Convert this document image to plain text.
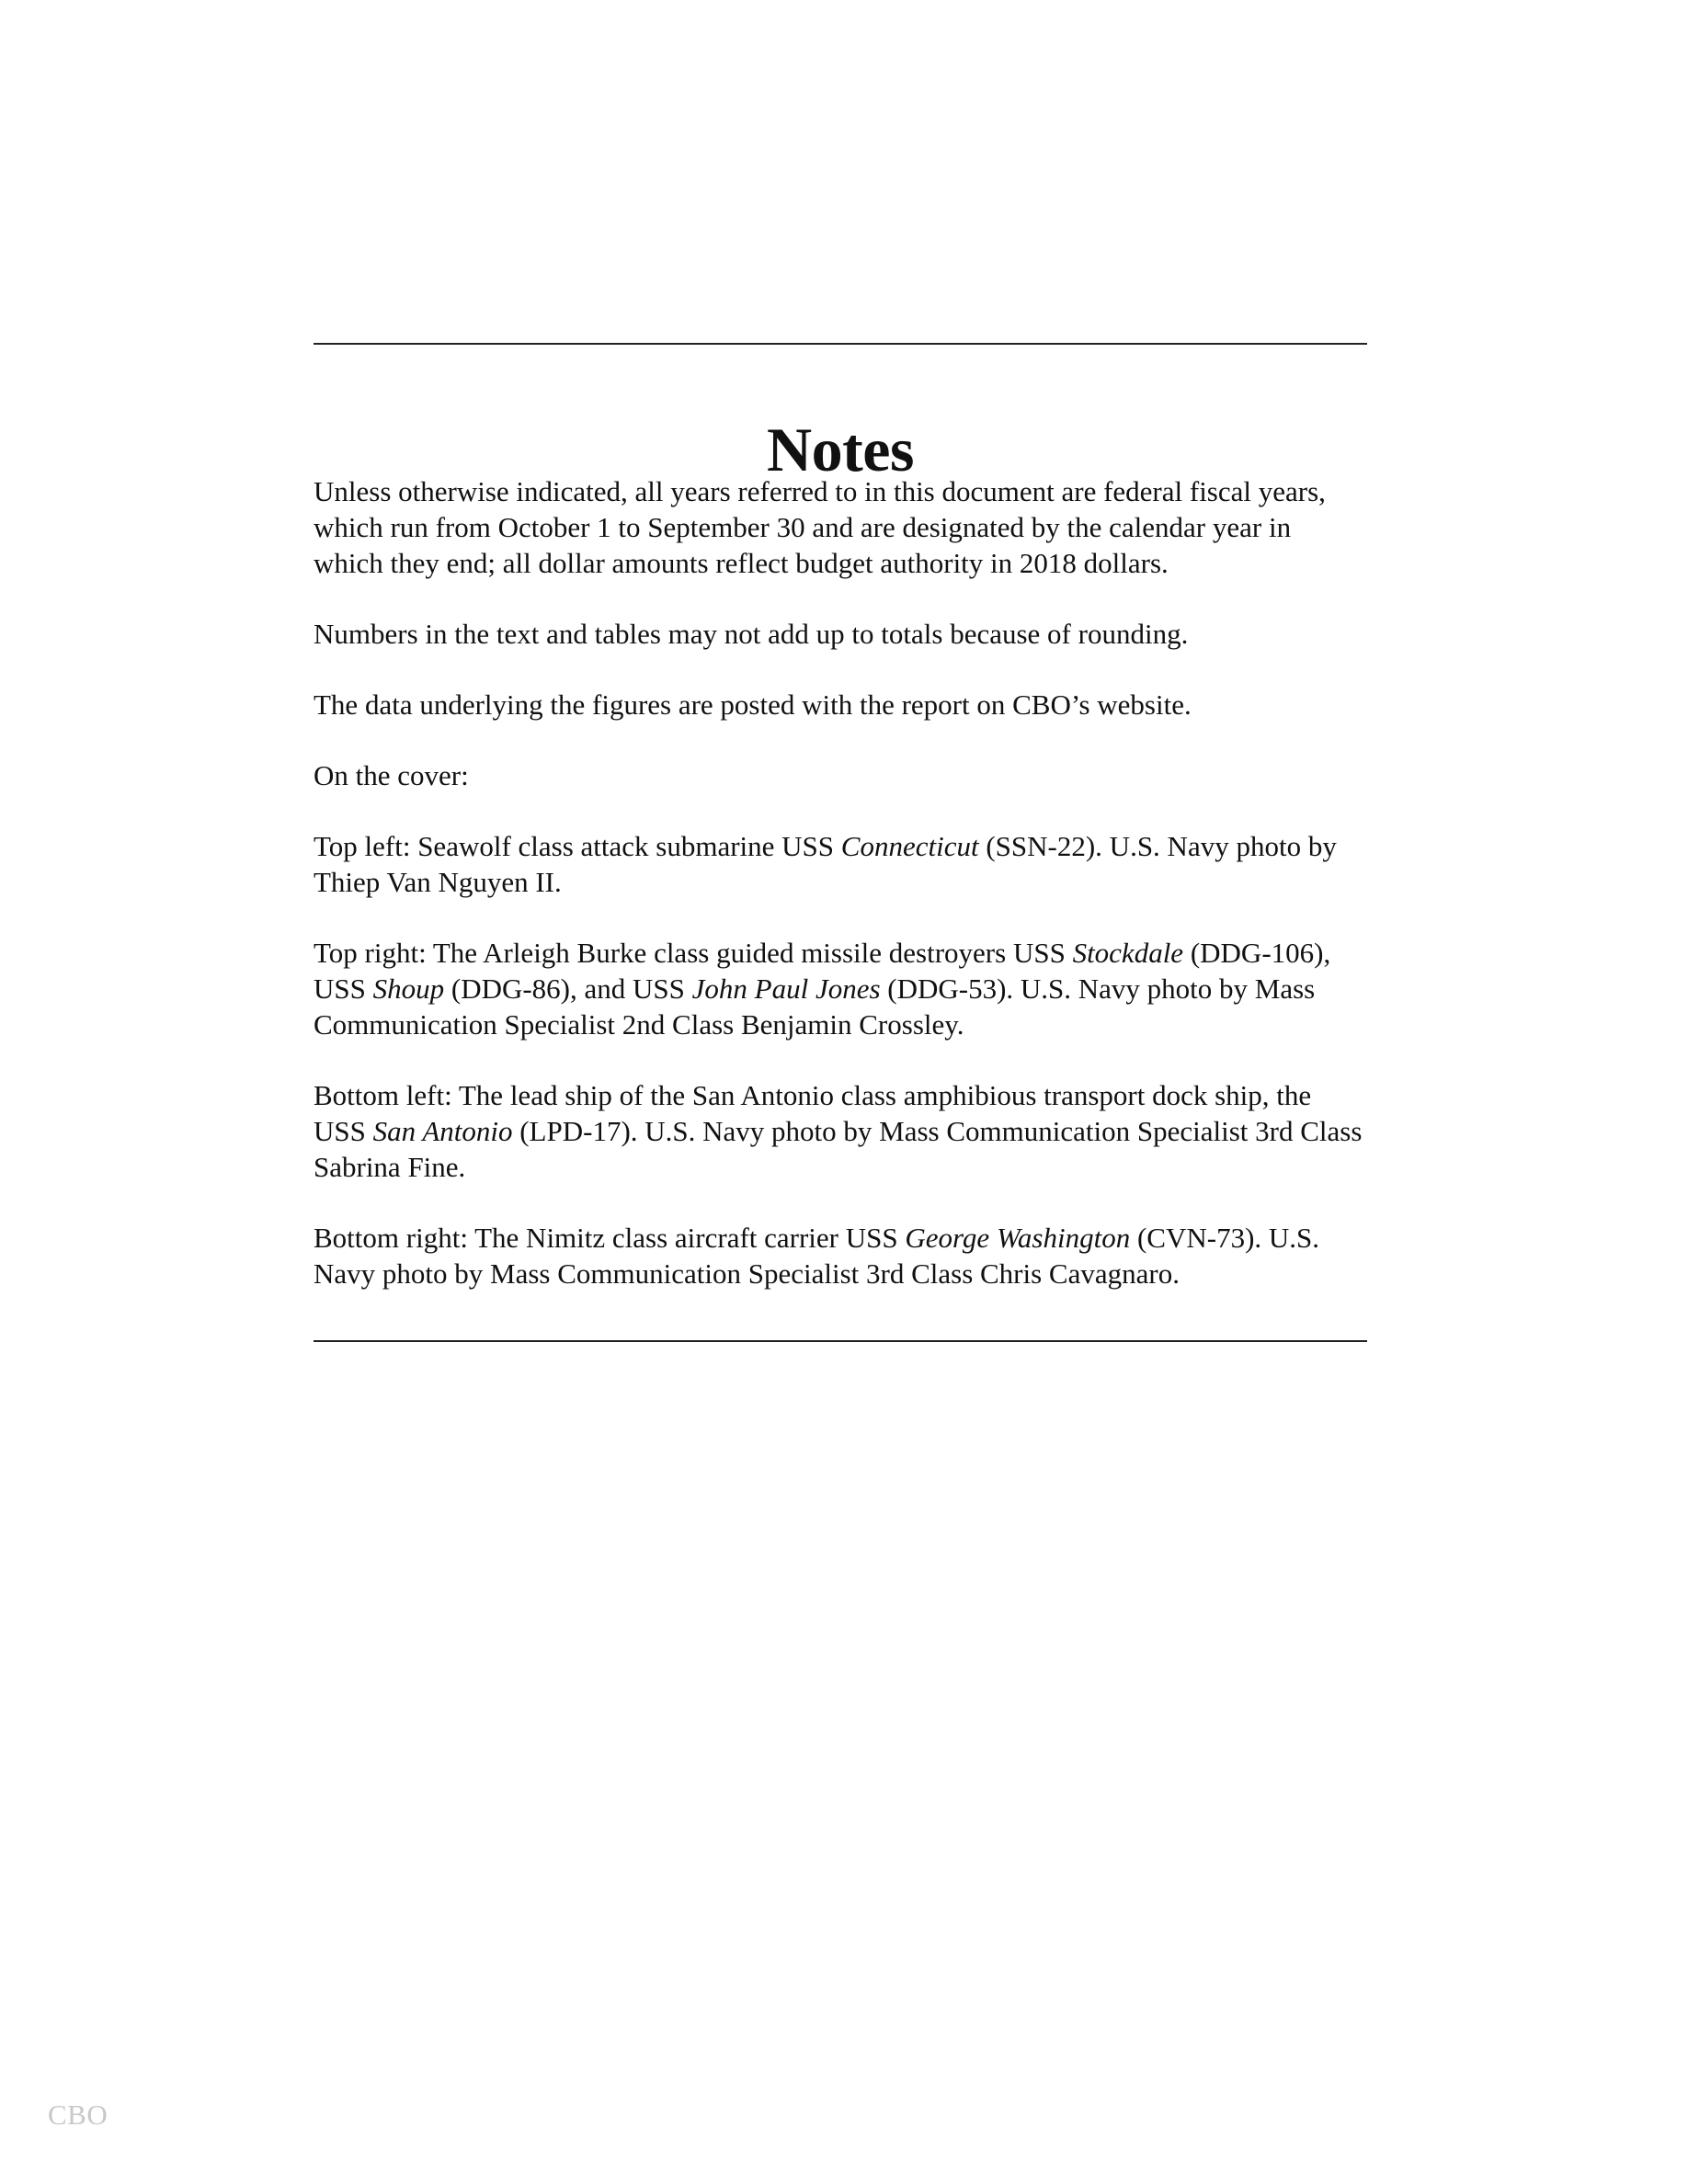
Notes

Unless otherwise indicated, all years referred to in this document are federal fiscal years, which run from October 1 to September 30 and are designated by the calendar year in which they end; all dollar amounts reflect budget authority in 2018 dollars.

Numbers in the text and tables may not add up to totals because of rounding.

The data underlying the figures are posted with the report on CBO’s website.

On the cover:

Top left: Seawolf class attack submarine USS Connecticut (SSN-22). U.S. Navy photo by Thiep Van Nguyen II.

Top right: The Arleigh Burke class guided missile destroyers USS Stockdale (DDG-106), USS Shoup (DDG-86), and USS John Paul Jones (DDG-53). U.S. Navy photo by Mass Communication Specialist 2nd Class Benjamin Crossley.

Bottom left: The lead ship of the San Antonio class amphibious transport dock ship, the USS San Antonio (LPD-17). U.S. Navy photo by Mass Communication Specialist 3rd Class Sabrina Fine.

Bottom right: The Nimitz class aircraft carrier USS George Washington (CVN-73). U.S. Navy photo by Mass Communication Specialist 3rd Class Chris Cavagnaro.

CBO
